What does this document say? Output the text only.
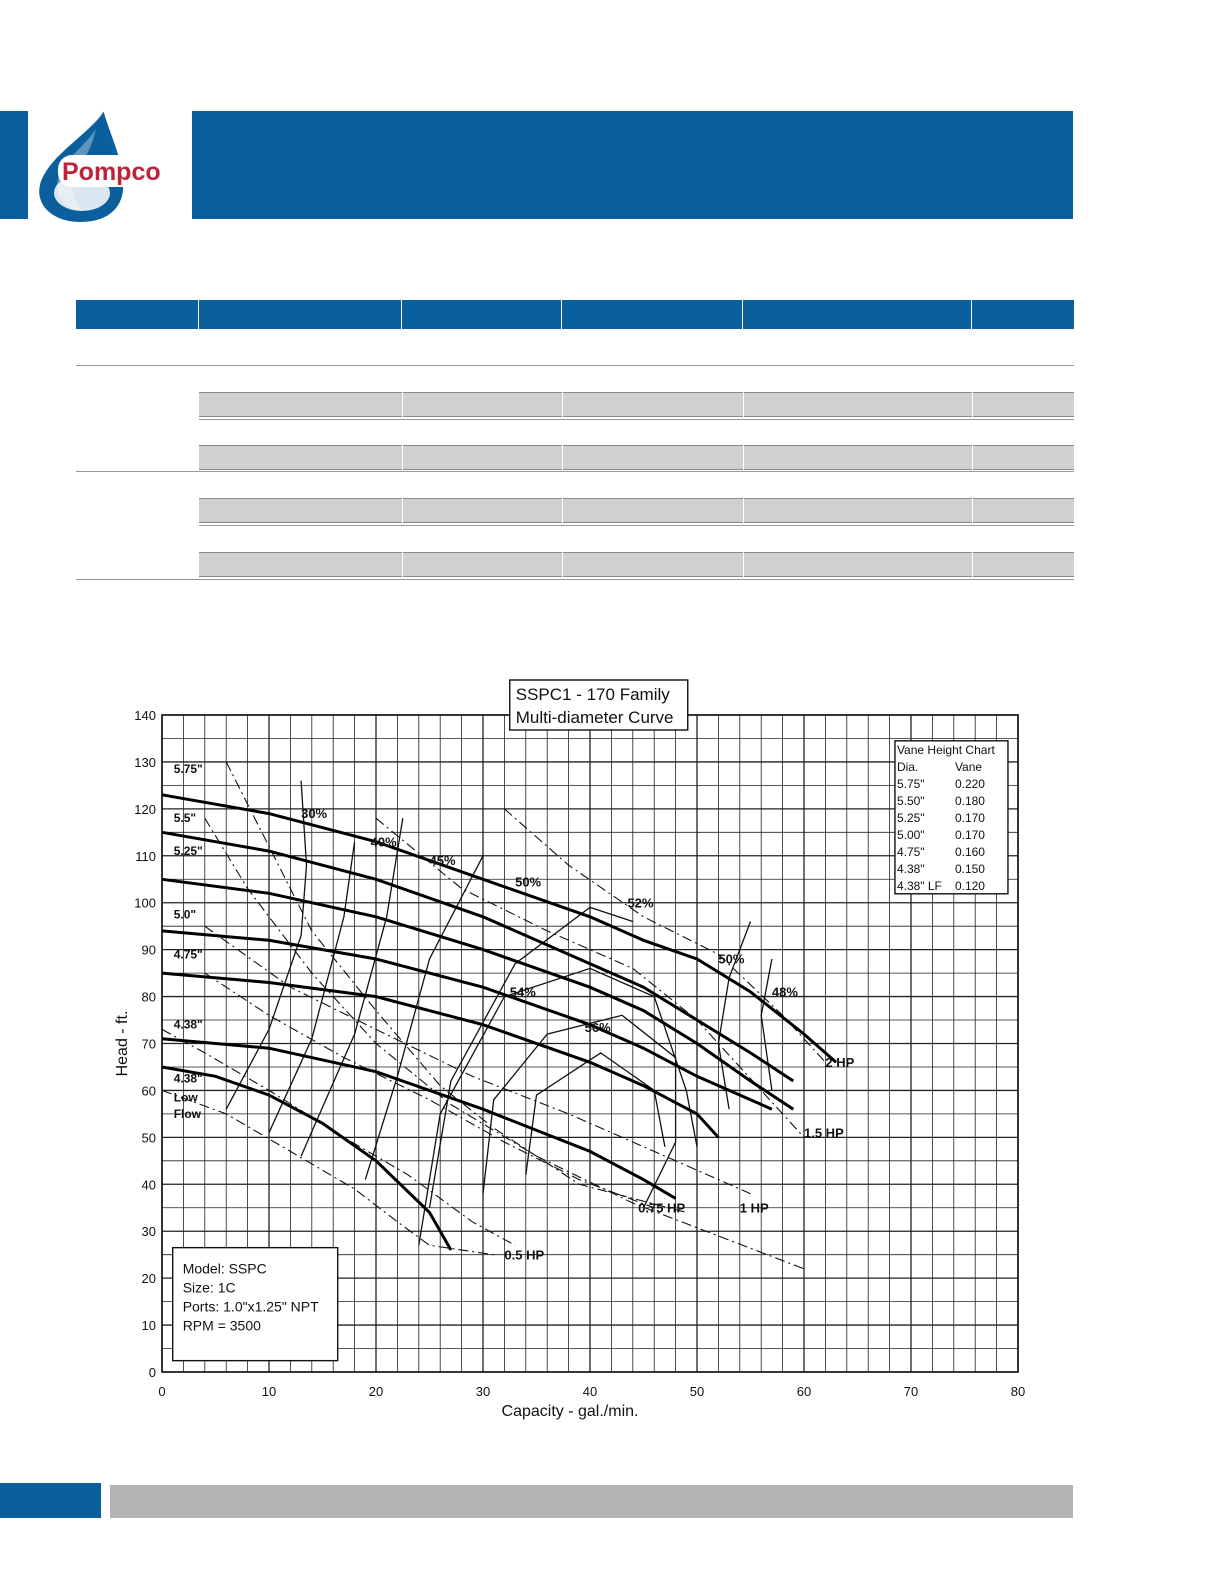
Pompco
0	10	20	30	40	50	60	70	80
0
10
20
30
40
50
60
70
80
90
100
110
120
130
140
Capacity - gal./min.
Head - ft.
SSPC1 - 170 Family
Multi-diameter Curve
5.75"
5.5"
5.25"
5.0"
4.75"
4.38"
4.38"
Low
Flow
30%
40%
45%
50%
52%
54%
56%
50%
48%
0.5 HP
0.75 HP	1 HP
1.5 HP
2 HP
Vane Height Chart
Dia.	Vane
5.75"	0.220
5.50"	0.180
5.25"	0.170
5.00"	0.170
4.75"	0.160
4.38"	0.150
4.38" LF 0.120
Model: SSPC
Size: 1C
Ports: 1.0"x1.25" NPT
RPM = 3500
